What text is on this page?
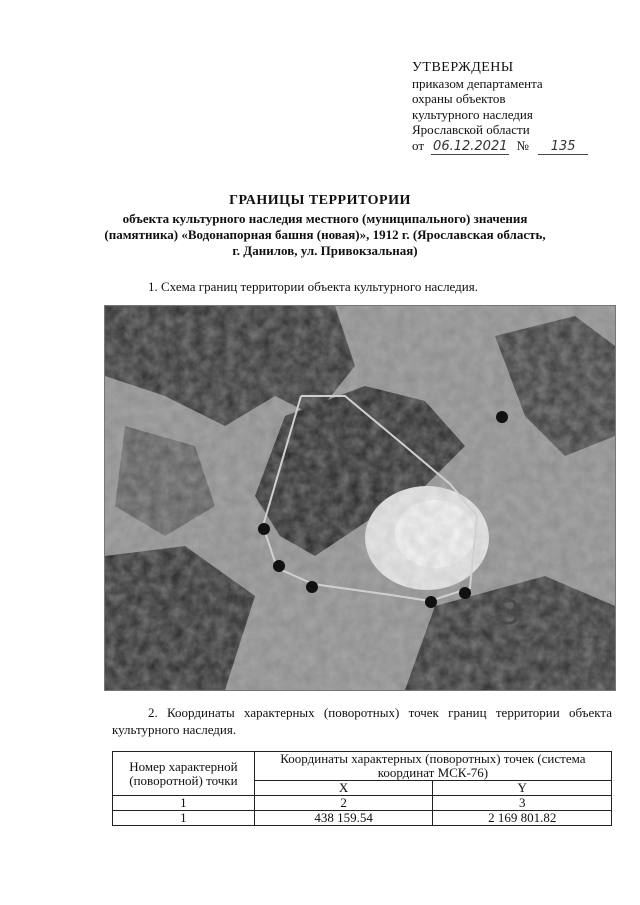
УТВЕРЖДЕНЫ
приказом департамента
охраны объектов
культурного наследия
Ярославской области
от 06.12.2021 № 135
ГРАНИЦЫ ТЕРРИТОРИИ
объекта культурного наследия местного (муниципального) значения (памятника) «Водонапорная башня (новая)», 1912 г. (Ярославская область, г. Данилов, ул. Привокзальная)
1. Схема границ территории объекта культурного наследия.
3
2. Координаты характерных (поворотных) точек границ территории объекта культурного наследия.
Номер характерной (поворотной) точки	Координаты характерных (поворотных) точек (система координат МСК-76)	
	X	Y
1	2	3
1	438 159.54	2 169 801.82
